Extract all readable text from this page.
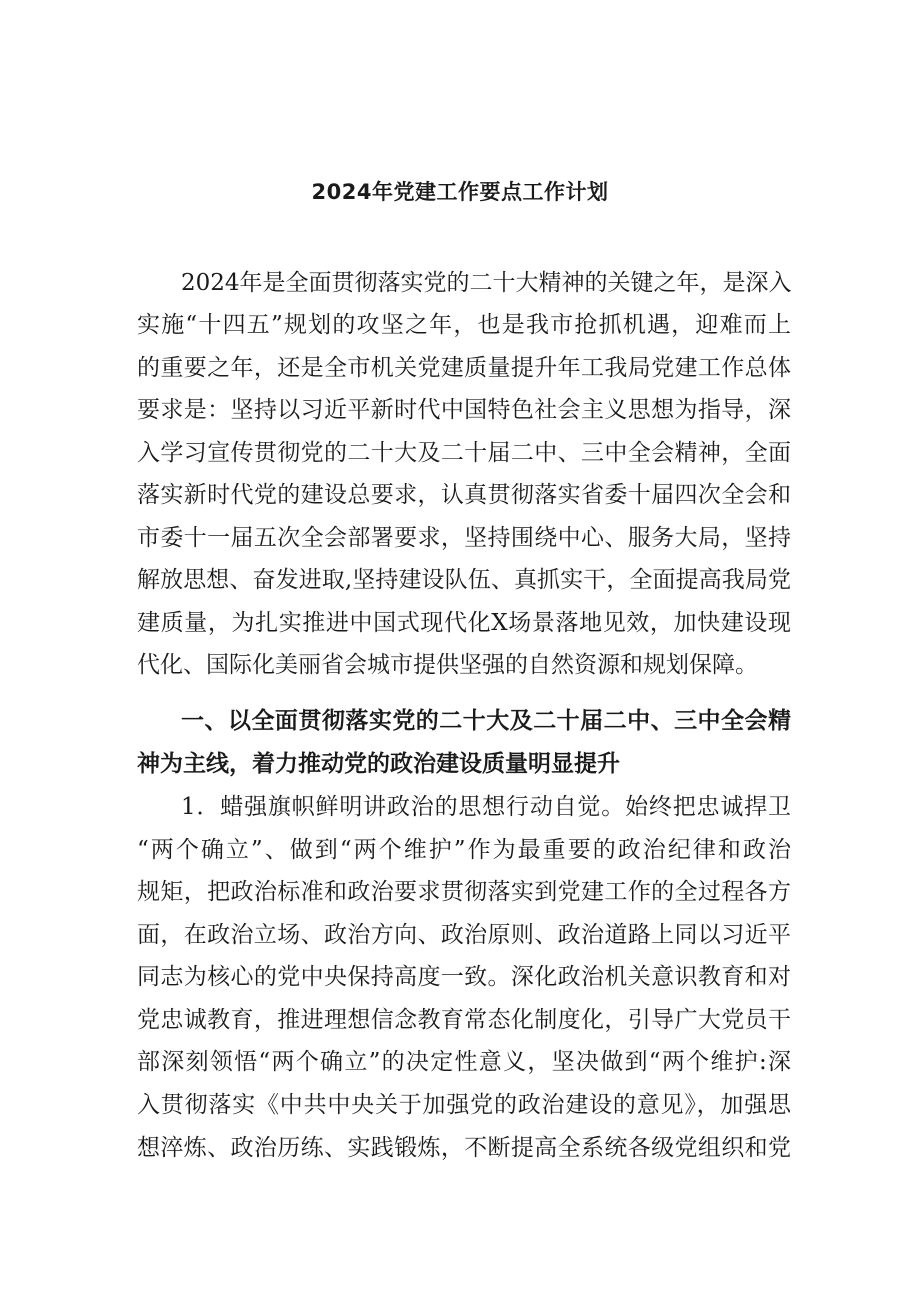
2024年党建工作要点工作计划

2024年是全面贯彻落实党的二十大精神的关键之年，是深入

实施“十四五”规划的攻坚之年，也是我市抢抓机遇，迎难而上

的重要之年，还是全市机关党建质量提升年工我局党建工作总体

要求是：坚持以习近平新时代中国特色社会主义思想为指导，深

入学习宣传贯彻党的二十大及二十届二中、三中全会精神，全面

落实新时代党的建设总要求，认真贯彻落实省委十届四次全会和

市委十一届五次全会部署要求，坚持围绕中心、服务大局，坚持

解放思想、奋发进取,坚持建设队伍、真抓实干，全面提高我局党

建质量，为扎实推进中国式现代化X场景落地见效，加快建设现

代化、国际化美丽省会城市提供坚强的自然资源和规划保障。

一、以全面贯彻落实党的二十大及二十届二中、三中全会精

神为主线，着力推动党的政治建设质量明显提升

1．蜡强旗帜鲜明讲政治的思想行动自觉。始终把忠诚捍卫

“两个确立”、做到“两个维护”作为最重要的政治纪律和政治

规矩，把政治标准和政治要求贯彻落实到党建工作的全过程各方

面，在政治立场、政治方向、政治原则、政治道路上同以习近平

同志为核心的党中央保持高度一致。深化政治机关意识教育和对

党忠诚教育，推进理想信念教育常态化制度化，引导广大党员干

部深刻领悟“两个确立”的决定性意义，坚决做到“两个维护:深

入贯彻落实《中共中央关于加强党的政治建设的意见》，加强思

想淬炼、政治历练、实践锻炼，不断提高全系统各级党组织和党
